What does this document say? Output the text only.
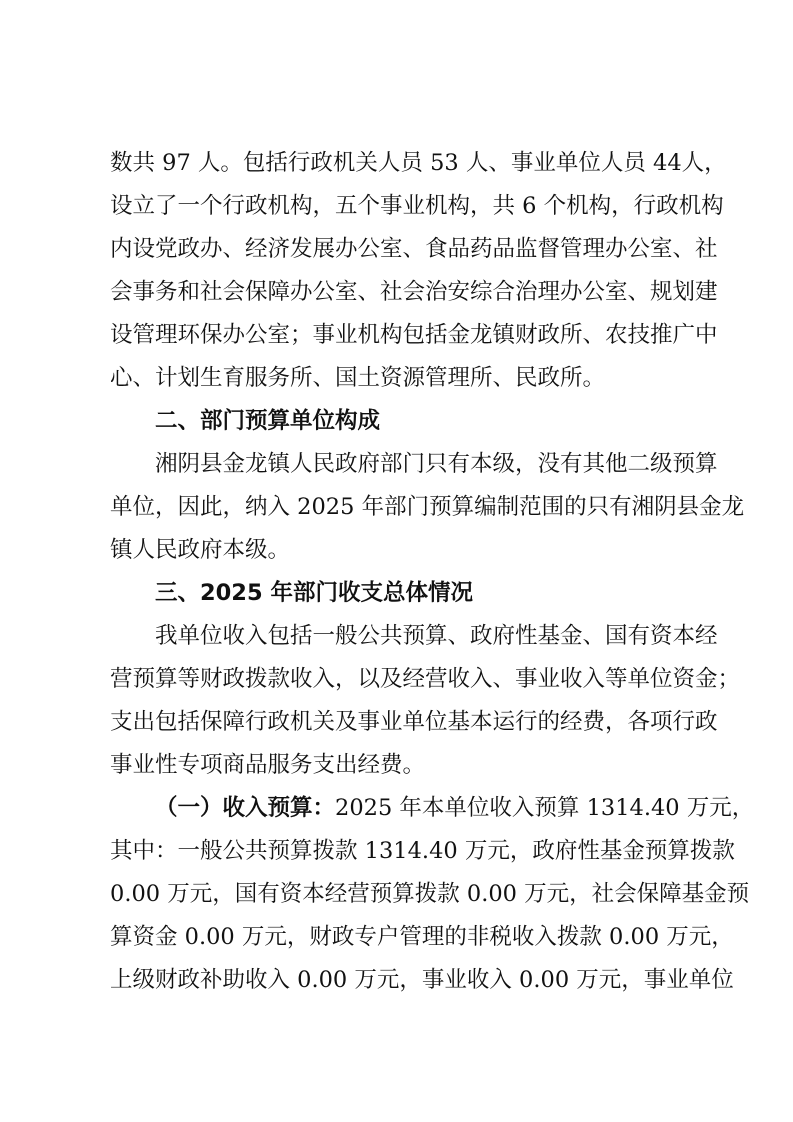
数共 97 人。包括行政机关人员 53 人、事业单位人员 44人，
设立了一个行政机构，五个事业机构，共 6 个机构，行政机构
内设党政办、经济发展办公室、食品药品监督管理办公室、社
会事务和社会保障办公室、社会治安综合治理办公室、规划建
设管理环保办公室；事业机构包括金龙镇财政所、农技推广中
心、计划生育服务所、国土资源管理所、民政所。
二、部门预算单位构成
湘阴县金龙镇人民政府部门只有本级，没有其他二级预算
单位，因此，纳入 2025 年部门预算编制范围的只有湘阴县金龙
镇人民政府本级。
三、2025 年部门收支总体情况
我单位收入包括一般公共预算、政府性基金、国有资本经
营预算等财政拨款收入，以及经营收入、事业收入等单位资金；
支出包括保障行政机关及事业单位基本运行的经费，各项行政
事业性专项商品服务支出经费。
（一）收入预算：2025 年本单位收入预算 1314.40 万元，
其中：一般公共预算拨款 1314.40 万元，政府性基金预算拨款
0.00 万元，国有资本经营预算拨款 0.00 万元，社会保障基金预
算资金 0.00 万元，财政专户管理的非税收入拨款 0.00 万元，
上级财政补助收入 0.00 万元，事业收入 0.00 万元，事业单位
